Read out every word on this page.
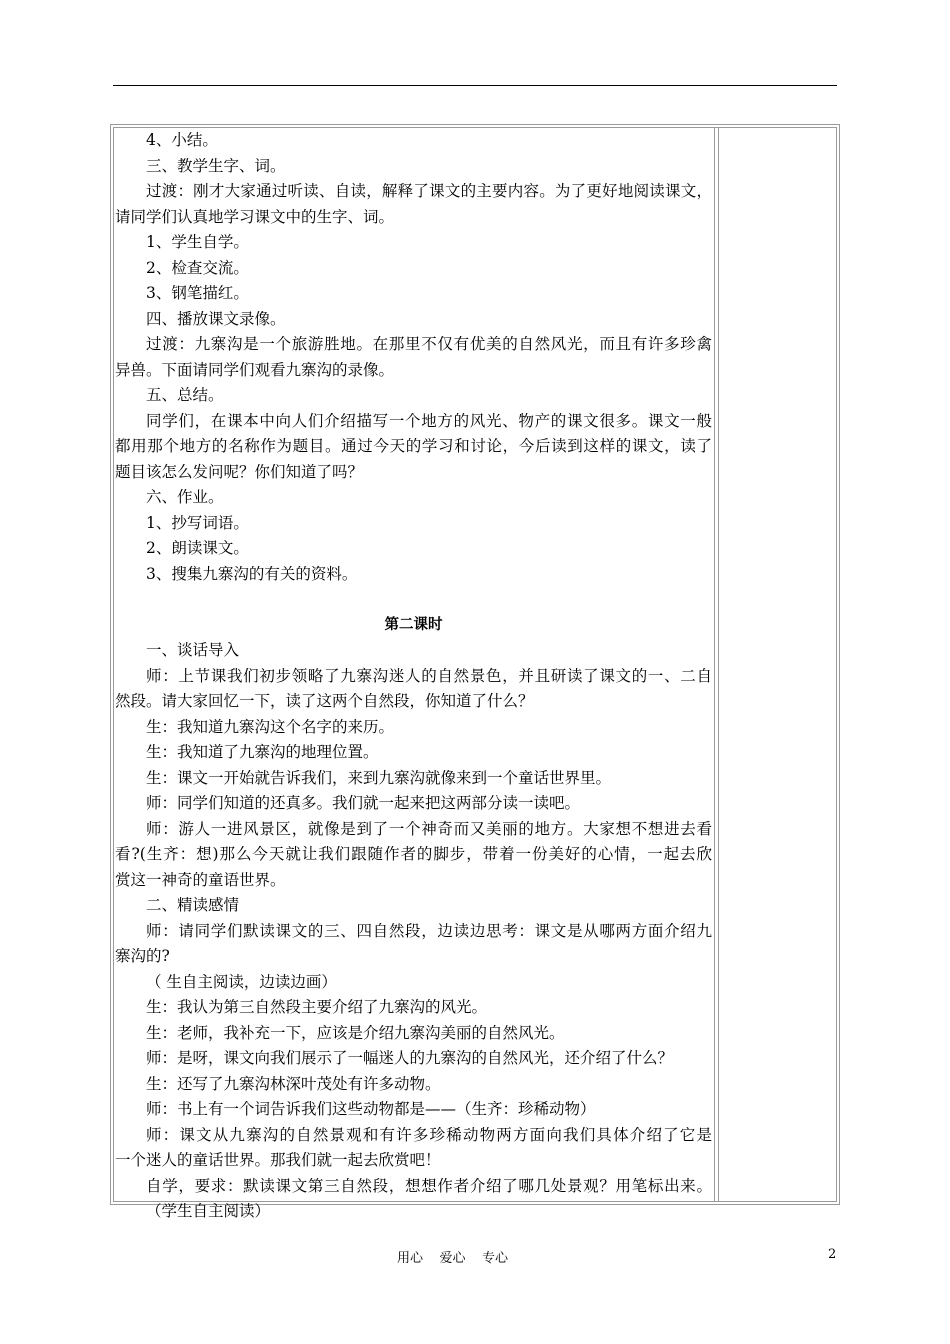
4、小结。
三、教学生字、词。
过渡：刚才大家通过听读、自读，解释了课文的主要内容。为了更好地阅读课文，
请同学们认真地学习课文中的生字、词。
1、学生自学。
2、检查交流。
3、钢笔描红。
四、播放课文录像。
过渡：九寨沟是一个旅游胜地。在那里不仅有优美的自然风光，而且有许多珍禽
异兽。下面请同学们观看九寨沟的录像。
五、总结。
同学们，在课本中向人们介绍描写一个地方的风光、物产的课文很多。课文一般
都用那个地方的名称作为题目。通过今天的学习和讨论，今后读到这样的课文，读了
题目该怎么发问呢？你们知道了吗？
六、作业。
1、抄写词语。
2、朗读课文。
3、搜集九寨沟的有关的资料。
第二课时
一、谈话导入
师：上节课我们初步领略了九寨沟迷人的自然景色，并且研读了课文的一、二自
然段。请大家回忆一下，读了这两个自然段，你知道了什么？
生：我知道九寨沟这个名字的来历。
生：我知道了九寨沟的地理位置。
生：课文一开始就告诉我们，来到九寨沟就像来到一个童话世界里。
师：同学们知道的还真多。我们就一起来把这两部分读一读吧。
师：游人一进风景区，就像是到了一个神奇而又美丽的地方。大家想不想进去看
看?(生齐：想)那么今天就让我们跟随作者的脚步，带着一份美好的心情，一起去欣
赏这一神奇的童语世界。
二、精读感情
师：请同学们默读课文的三、四自然段，边读边思考：课文是从哪两方面介绍九
寨沟的?
（ 生自主阅读，边读边画）
生：我认为第三自然段主要介绍了九寨沟的风光。
生：老师，我补充一下，应该是介绍九寨沟美丽的自然风光。
师：是呀，课文向我们展示了一幅迷人的九寨沟的自然风光，还介绍了什么？
生：还写了九寨沟林深叶茂处有许多动物。
师：书上有一个词告诉我们这些动物都是——（生齐：珍稀动物）
师：课文从九寨沟的自然景观和有许多珍稀动物两方面向我们具体介绍了它是
一个迷人的童话世界。那我们就一起去欣赏吧！
自学，要求：默读课文第三自然段，想想作者介绍了哪几处景观？用笔标出来。
（学生自主阅读）
用心    爱心    专心	2
